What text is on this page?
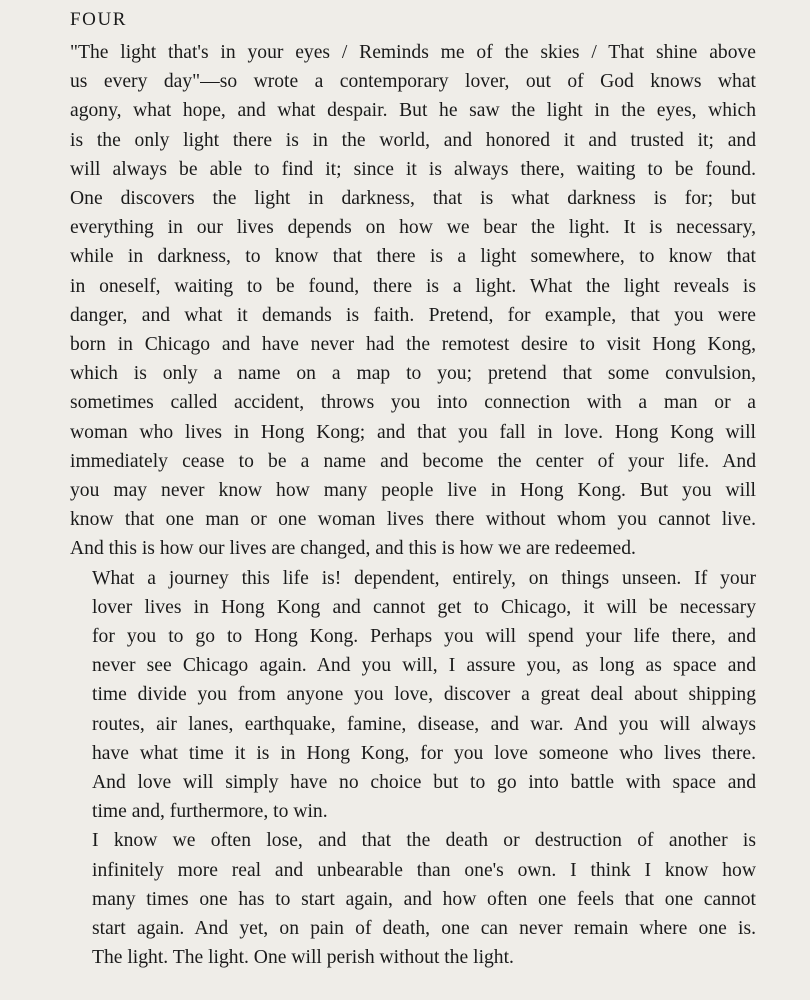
FOUR
"The light that's in your eyes / Reminds me of the skies / That shine above
us every day"—so wrote a contemporary lover, out of God knows what
agony, what hope, and what despair. But he saw the light in the eyes, which
is the only light there is in the world, and honored it and trusted it; and
will always be able to find it; since it is always there, waiting to be found.
One discovers the light in darkness, that is what darkness is for; but
everything in our lives depends on how we bear the light. It is necessary,
while in darkness, to know that there is a light somewhere, to know that
in oneself, waiting to be found, there is a light. What the light reveals is
danger, and what it demands is faith. Pretend, for example, that you were
born in Chicago and have never had the remotest desire to visit Hong Kong,
which is only a name on a map to you; pretend that some convulsion,
sometimes called accident, throws you into connection with a man or a
woman who lives in Hong Kong; and that you fall in love. Hong Kong will
immediately cease to be a name and become the center of your life. And
you may never know how many people live in Hong Kong. But you will
know that one man or one woman lives there without whom you cannot live.
And this is how our lives are changed, and this is how we are redeemed.
What a journey this life is! dependent, entirely, on things unseen. If your
lover lives in Hong Kong and cannot get to Chicago, it will be necessary
for you to go to Hong Kong. Perhaps you will spend your life there, and
never see Chicago again. And you will, I assure you, as long as space and
time divide you from anyone you love, discover a great deal about shipping
routes, air lanes, earthquake, famine, disease, and war. And you will always
have what time it is in Hong Kong, for you love someone who lives there.
And love will simply have no choice but to go into battle with space and
time and, furthermore, to win.
I know we often lose, and that the death or destruction of another is
infinitely more real and unbearable than one's own. I think I know how
many times one has to start again, and how often one feels that one cannot
start again. And yet, on pain of death, one can never remain where one is.
The light. The light. One will perish without the light.
